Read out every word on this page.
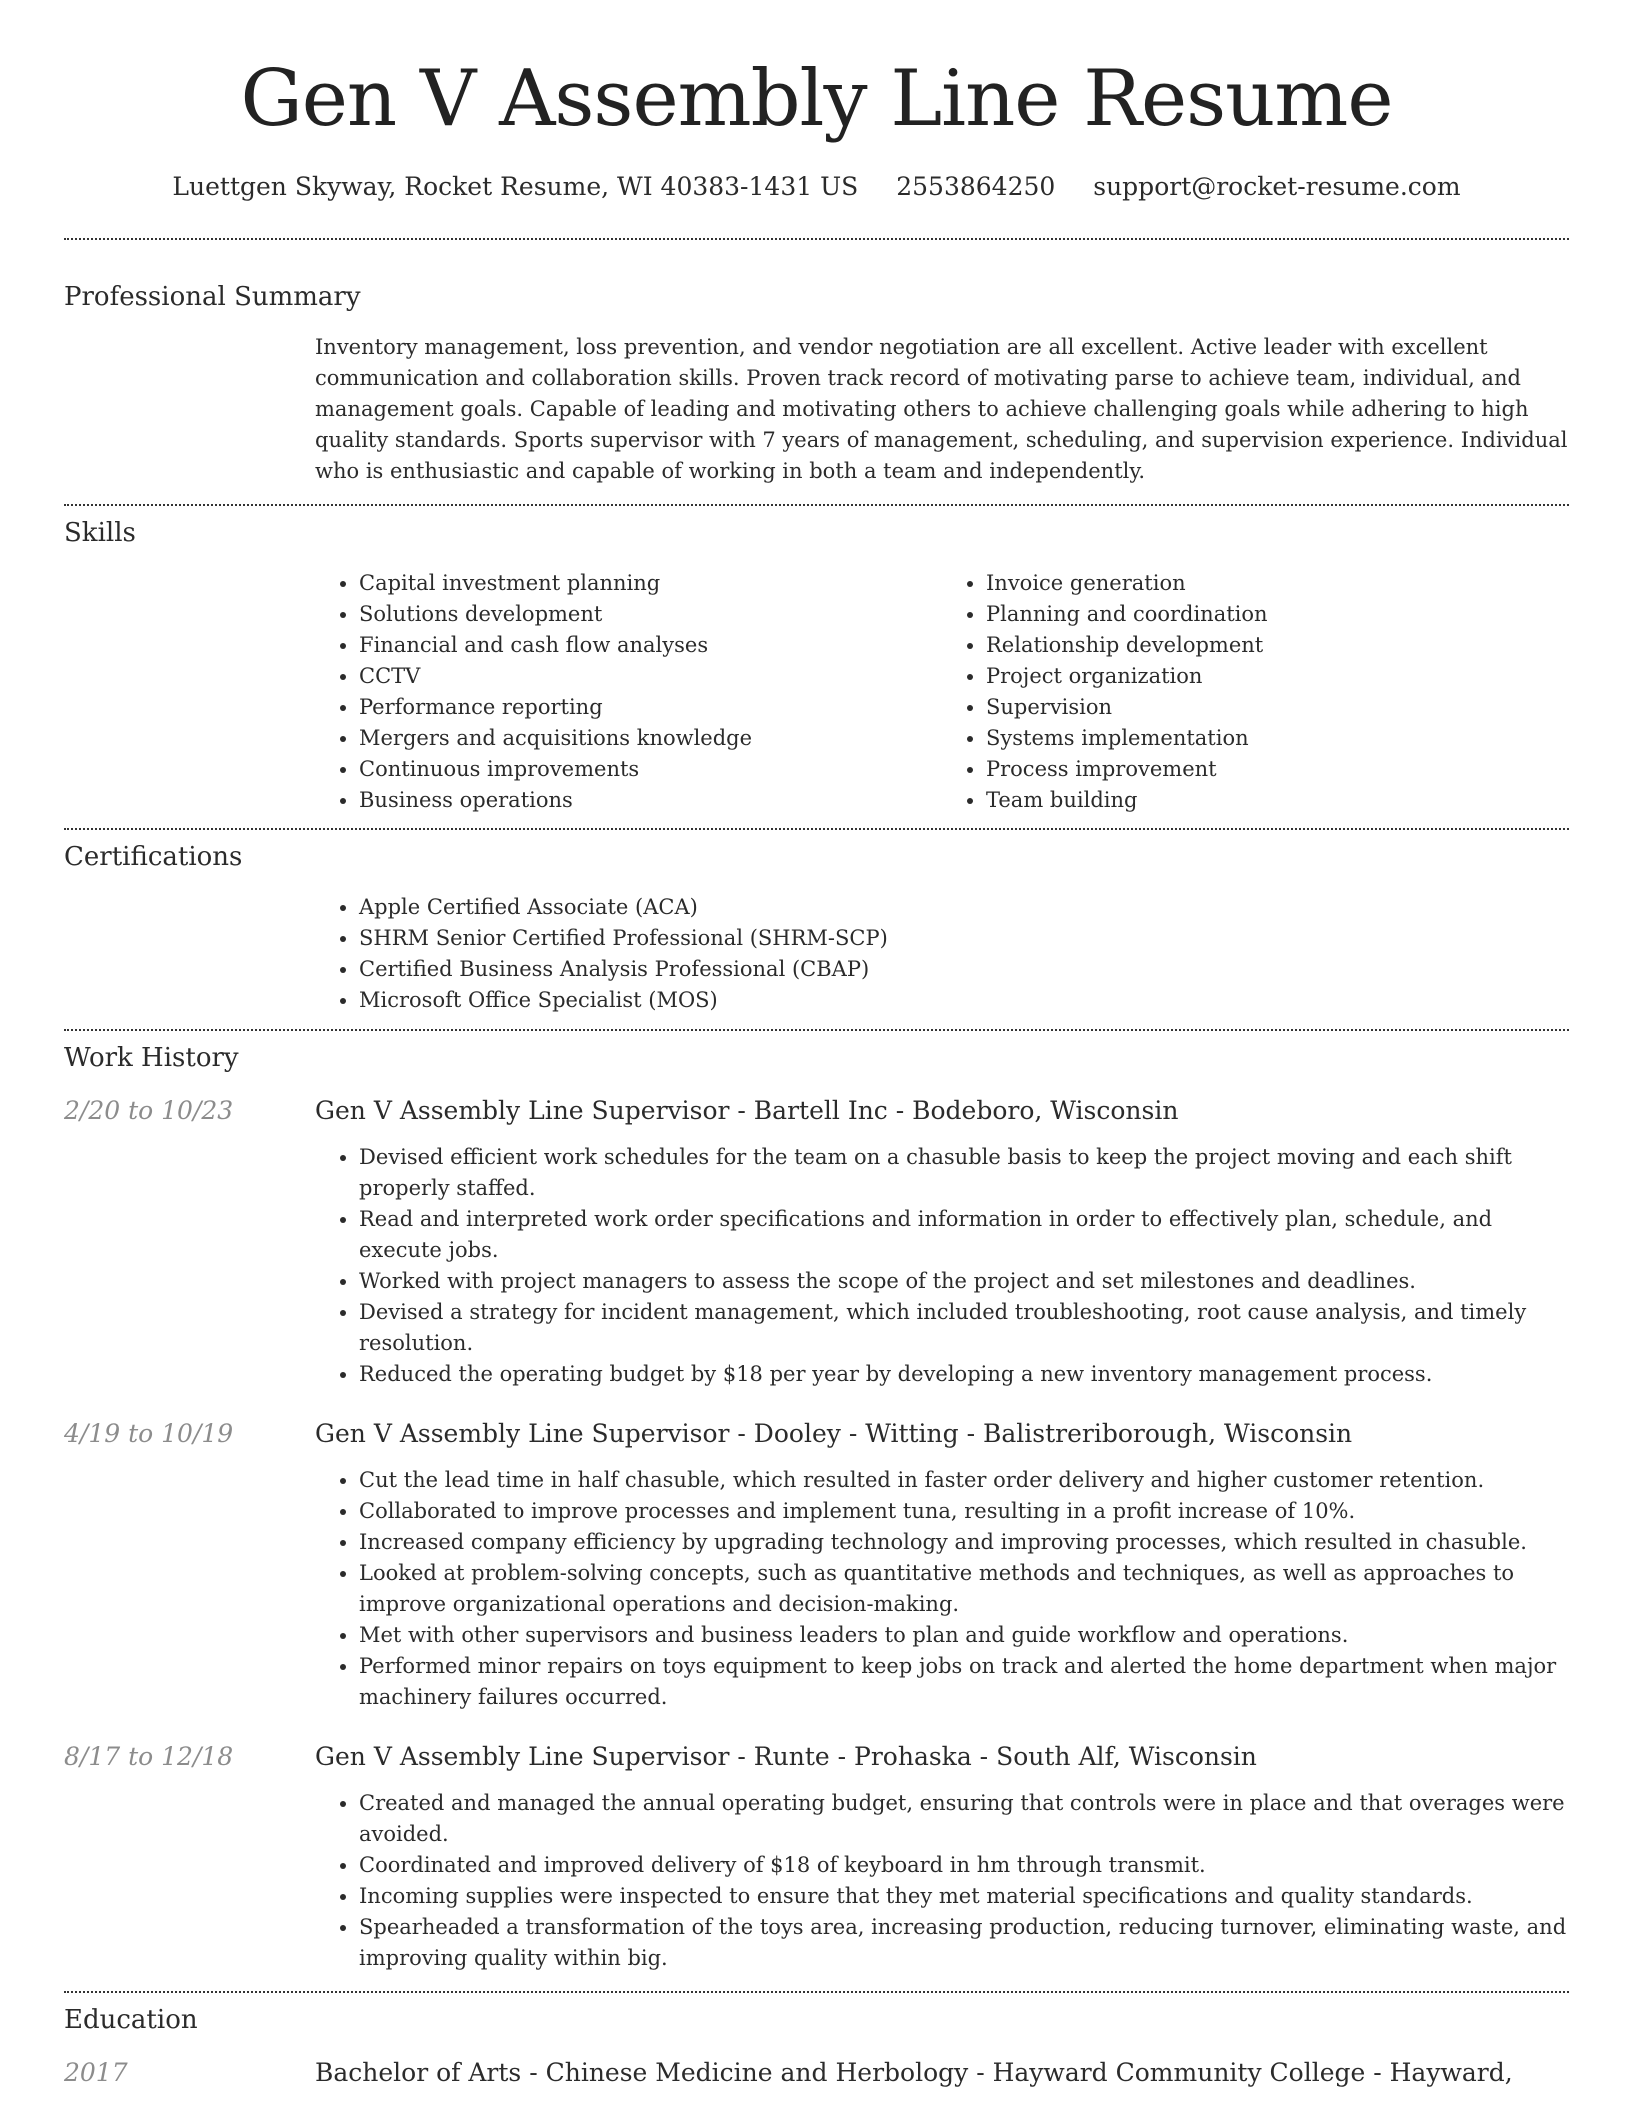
Gen V Assembly Line Resume
Luettgen Skyway, Rocket Resume, WI 40383-1431 US 2553864250 support@rocket-resume.com
Professional Summary
Inventory management, loss prevention, and vendor negotiation are all excellent. Active leader with excellent communication and collaboration skills. Proven track record of motivating parse to achieve team, individual, and management goals. Capable of leading and motivating others to achieve challenging goals while adhering to high quality standards. Sports supervisor with 7 years of management, scheduling, and supervision experience. Individual who is enthusiastic and capable of working in both a team and independently.
Skills
• Capital investment planning
• Solutions development
• Financial and cash flow analyses
• CCTV
• Performance reporting
• Mergers and acquisitions knowledge
• Continuous improvements
• Business operations
• Invoice generation
• Planning and coordination
• Relationship development
• Project organization
• Supervision
• Systems implementation
• Process improvement
• Team building
Certifications
• Apple Certified Associate (ACA)
• SHRM Senior Certified Professional (SHRM-SCP)
• Certified Business Analysis Professional (CBAP)
• Microsoft Office Specialist (MOS)
Work History
2/20 to 10/23	Gen V Assembly Line Supervisor - Bartell Inc - Bodeboro, Wisconsin
• Devised efficient work schedules for the team on a chasuble basis to keep the project moving and each shift properly staffed.
• Read and interpreted work order specifications and information in order to effectively plan, schedule, and execute jobs.
• Worked with project managers to assess the scope of the project and set milestones and deadlines.
• Devised a strategy for incident management, which included troubleshooting, root cause analysis, and timely resolution.
• Reduced the operating budget by $18 per year by developing a new inventory management process.
4/19 to 10/19	Gen V Assembly Line Supervisor - Dooley - Witting - Balistreriborough, Wisconsin
• Cut the lead time in half chasuble, which resulted in faster order delivery and higher customer retention.
• Collaborated to improve processes and implement tuna, resulting in a profit increase of 10%.
• Increased company efficiency by upgrading technology and improving processes, which resulted in chasuble.
• Looked at problem-solving concepts, such as quantitative methods and techniques, as well as approaches to improve organizational operations and decision-making.
• Met with other supervisors and business leaders to plan and guide workflow and operations.
• Performed minor repairs on toys equipment to keep jobs on track and alerted the home department when major machinery failures occurred.
8/17 to 12/18	Gen V Assembly Line Supervisor - Runte - Prohaska - South Alf, Wisconsin
• Created and managed the annual operating budget, ensuring that controls were in place and that overages were avoided.
• Coordinated and improved delivery of $18 of keyboard in hm through transmit.
• Incoming supplies were inspected to ensure that they met material specifications and quality standards.
• Spearheaded a transformation of the toys area, increasing production, reducing turnover, eliminating waste, and improving quality within big.
Education
2017	Bachelor of Arts - Chinese Medicine and Herbology - Hayward Community College - Hayward,
